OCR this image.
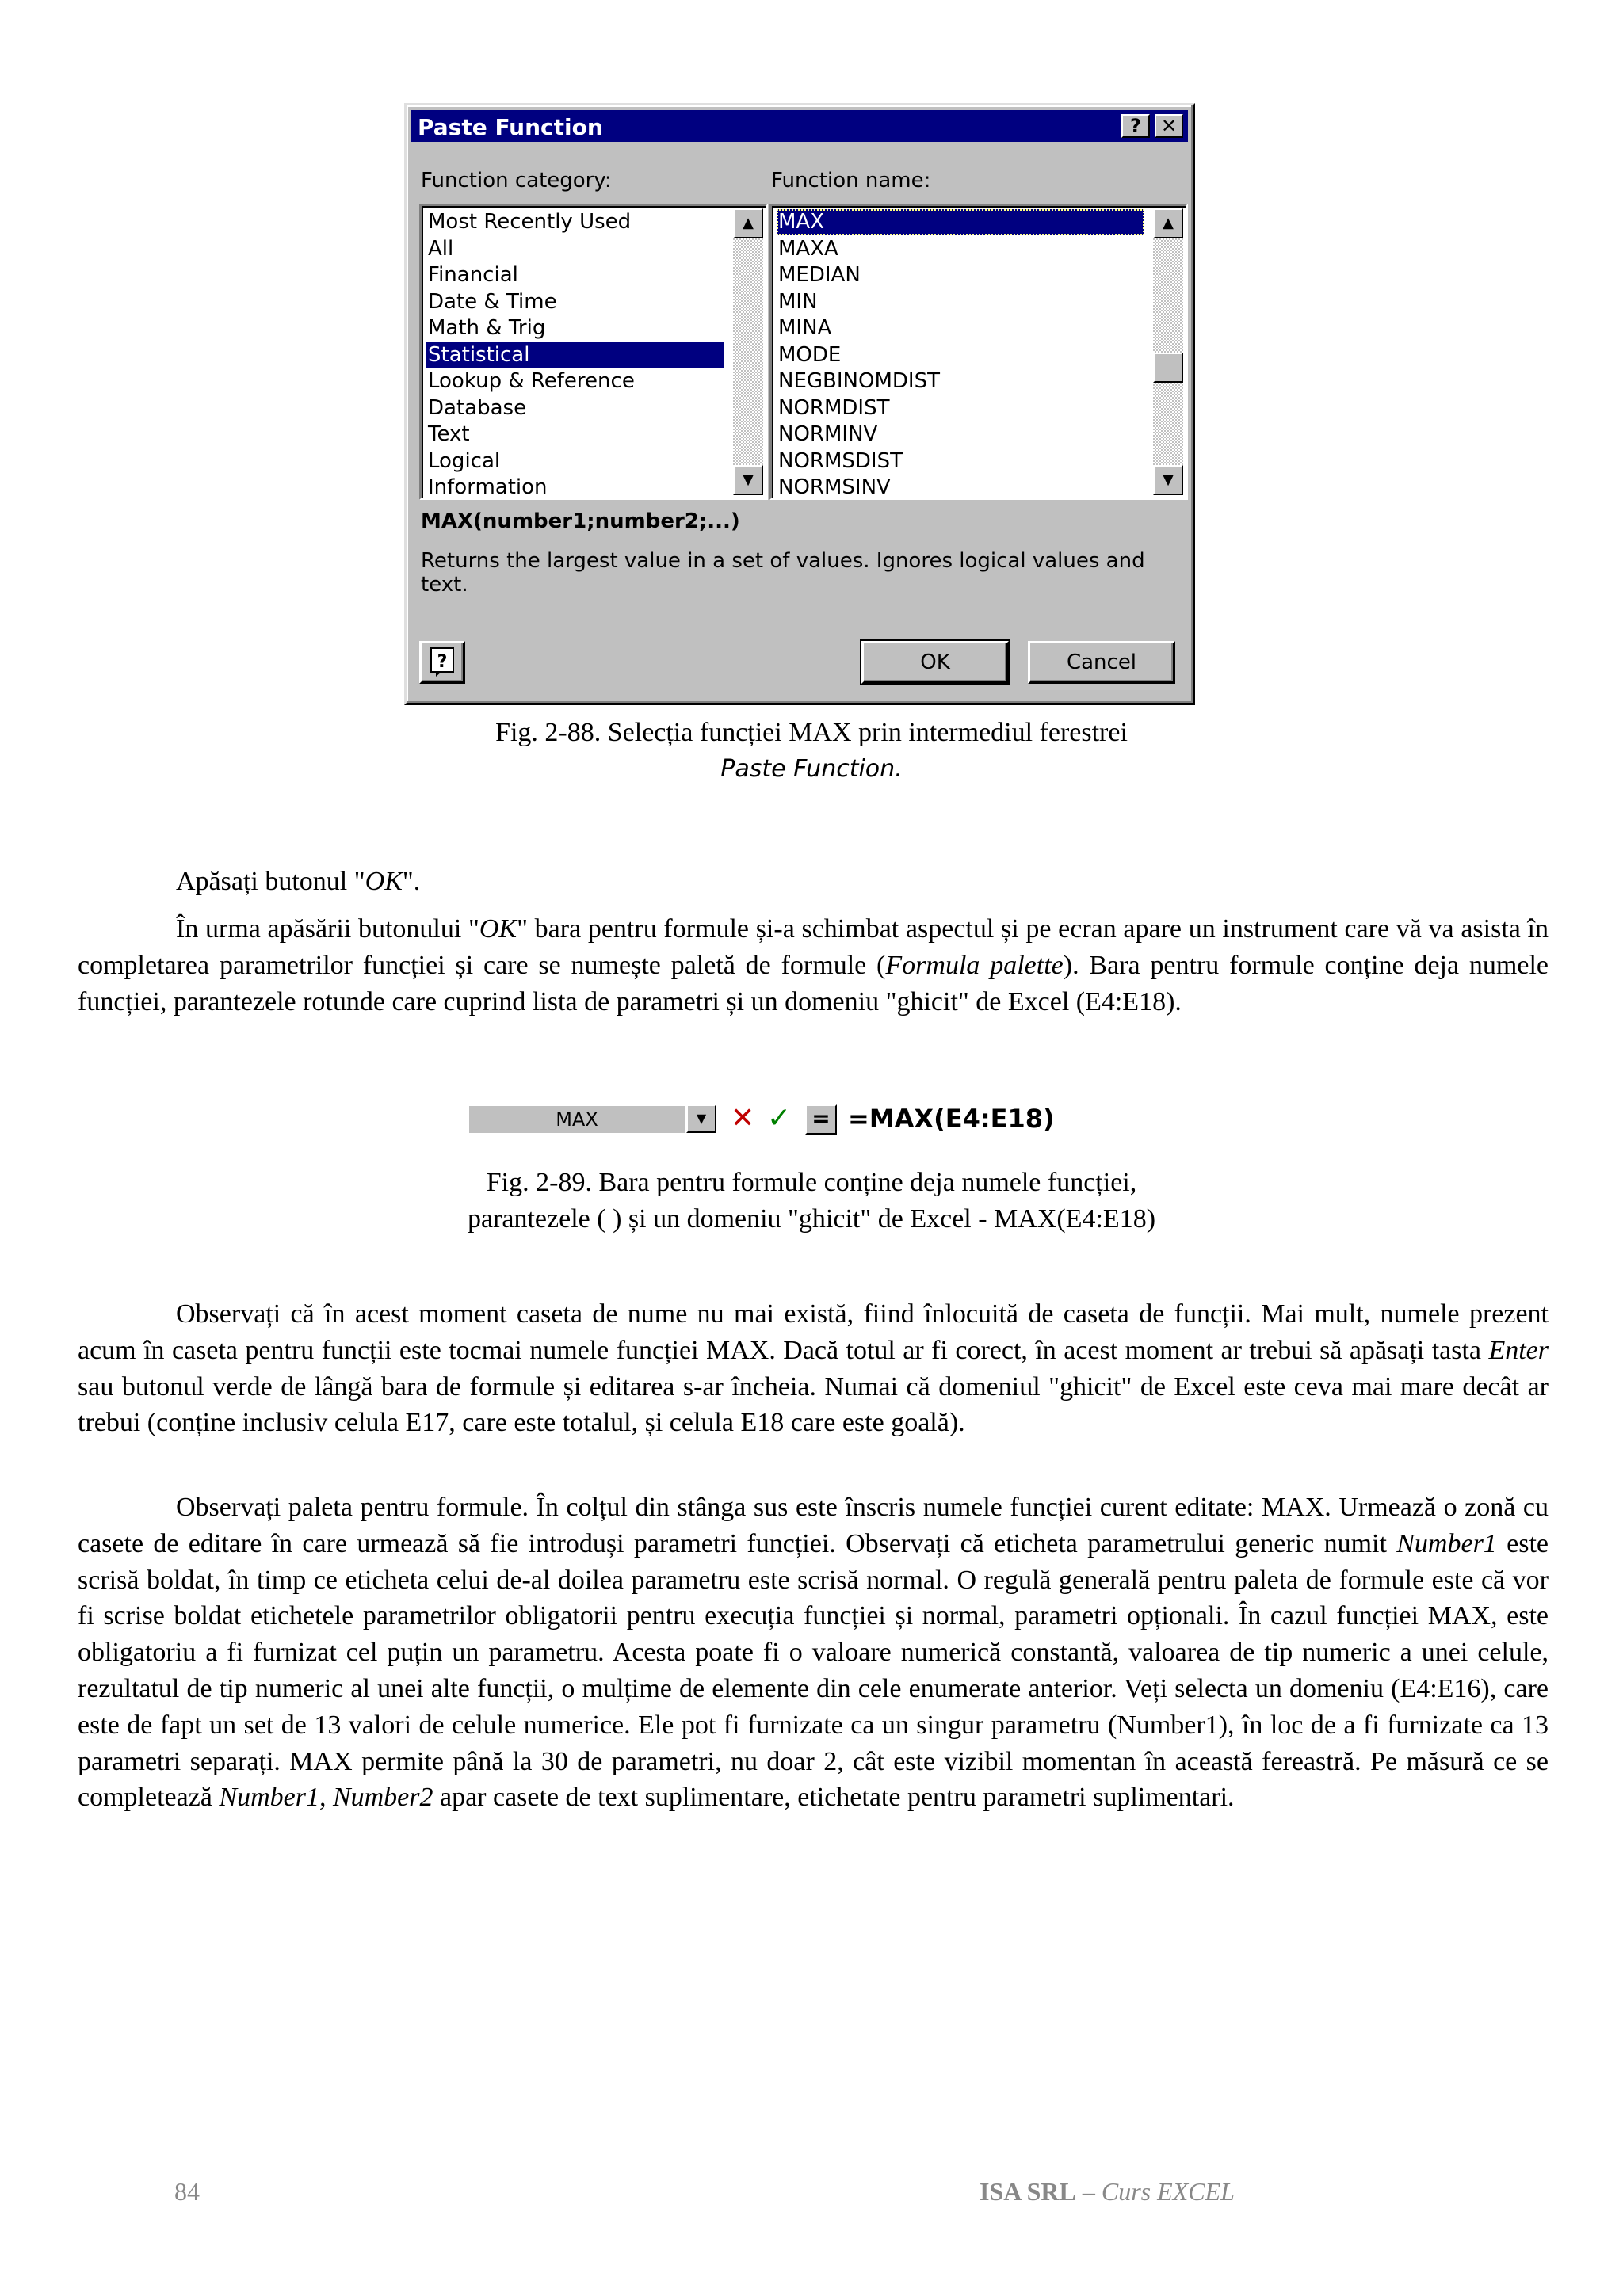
Paste Function	?	✕
Function category:	Function name:
Most Recently Used
All
Financial
Date & Time
Math & Trig
Statistical
Lookup & Reference
Database
Text
Logical
Information
▲
▼
MAX
MAXA
MEDIAN
MIN
MINA
MODE
NEGBINOMDIST
NORMDIST
NORMINV
NORMSDIST
NORMSINV
▲
▼
MAX(number1;number2;...)
Returns the largest value in a set of values. Ignores logical values and text.
?	OK	Cancel
Fig. 2-88. Selecția funcției MAX prin intermediul ferestrei
Paste Function.

Apăsați butonul "OK".

În urma apăsării butonului "OK" bara pentru formule și-a schimbat aspectul și pe ecran apare un instrument care vă va asista în completarea parametrilor funcției și care se numește paletă de formule (Formula palette). Bara pentru formule conține deja numele funcției, parantezele rotunde care cuprind lista de parametri și un domeniu "ghicit" de Excel (E4:E18).

MAX	▼ ✕ ✓ = =MAX(E4:E18)
Fig. 2-89. Bara pentru formule conține deja numele funcției,
parantezele ( ) și un domeniu "ghicit" de Excel - MAX(E4:E18)

Observați că în acest moment caseta de nume nu mai există, fiind înlocuită de caseta de funcții. Mai mult, numele prezent acum în caseta pentru funcții este tocmai numele funcției MAX. Dacă totul ar fi corect, în acest moment ar trebui să apăsați tasta Enter sau butonul verde de lângă bara de formule și editarea s-ar încheia. Numai că domeniul "ghicit" de Excel este ceva mai mare decât ar trebui (conține inclusiv celula E17, care este totalul, și celula E18 care este goală).

Observați paleta pentru formule. În colțul din stânga sus este înscris numele funcției curent editate: MAX. Urmează o zonă cu casete de editare în care urmează să fie introduși parametri funcției. Observați că eticheta parametrului generic numit Number1 este scrisă boldat, în timp ce eticheta celui de-al doilea parametru este scrisă normal. O regulă generală pentru paleta de formule este că vor fi scrise boldat etichetele parametrilor obligatorii pentru execuția funcției și normal, parametri opționali. În cazul funcției MAX, este obligatoriu a fi furnizat cel puțin un parametru. Acesta poate fi o valoare numerică constantă, valoarea de tip numeric a unei celule, rezultatul de tip numeric al unei alte funcții, o mulțime de elemente din cele enumerate anterior. Veți selecta un domeniu (E4:E16), care este de fapt un set de 13 valori de celule numerice. Ele pot fi furnizate ca un singur parametru (Number1), în loc de a fi furnizate ca 13 parametri separați. MAX permite până la 30 de parametri, nu doar 2, cât este vizibil momentan în această fereastră. Pe măsură ce se completează Number1, Number2 apar casete de text suplimentare, etichetate pentru parametri suplimentari.

84	ISA SRL – Curs EXCEL
